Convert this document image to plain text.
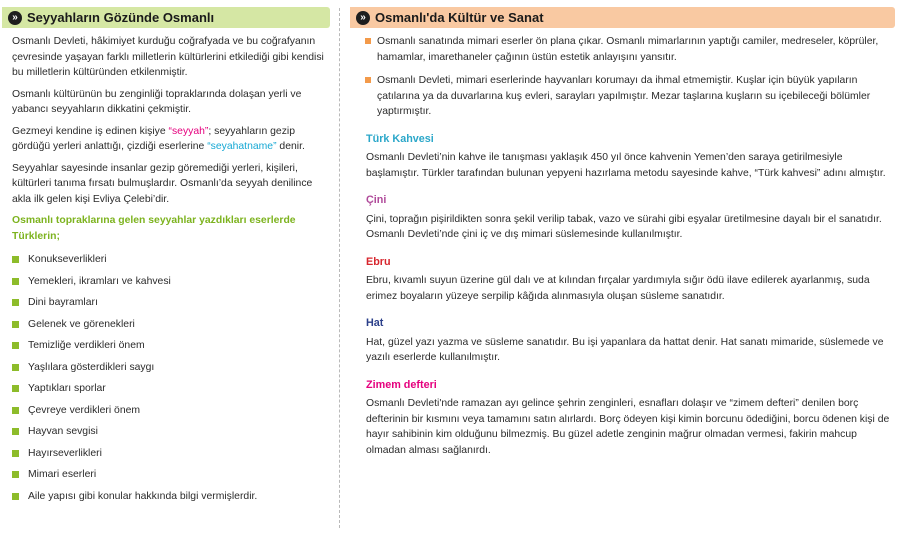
» Seyyahların Gözünde Osmanlı

Osmanlı Devleti, hâkimiyet kurduğu coğrafyada ve bu coğrafyanın çevresinde yaşayan farklı milletlerin kültürlerini etkilediği gibi kendisi bu milletlerin kültüründen etkilenmiştir.

Osmanlı kültürünün bu zenginliği topraklarında dolaşan yerli ve yabancı seyyahların dikkatini çekmiştir.

Gezmeyi kendine iş edinen kişiye “seyyah”; seyyahların gezip gördüğü yerleri anlattığı, çizdiği eserlerine “seyahatname” denir.

Seyyahlar sayesinde insanlar gezip göremediği yerleri, kişileri, kültürleri tanıma fırsatı bulmuşlardır. Osmanlı’da seyyah denilince akla ilk gelen kişi Evliya Çelebi’dir.

Osmanlı topraklarına gelen seyyahlar yazdıkları eserlerde Türklerin;
Konukseverlikleri
Yemekleri, ikramları ve kahvesi
Dini bayramları
Gelenek ve görenekleri
Temizliğe verdikleri önem
Yaşlılara gösterdikleri saygı
Yaptıkları sporlar
Çevreye verdikleri önem
Hayvan sevgisi
Hayırseverlikleri
Mimari eserleri
Aile yapısı gibi konular hakkında bilgi vermişlerdir.
» Osmanlı'da Kültür ve Sanat
Osmanlı sanatında mimari eserler ön plana çıkar. Osmanlı mimarlarının yaptığı camiler, medreseler, köprüler, hamamlar, imarethaneler çağının üstün estetik anlayışını yansıtır.
Osmanlı Devleti, mimari eserlerinde hayvanları korumayı da ihmal etmemiştir. Kuşlar için büyük yapıların çatılarına ya da duvarlarına kuş evleri, sarayları yapılmıştır. Mezar taşlarına kuşların su içebileceği bölümler yaptırmıştır.
Türk Kahvesi
Osmanlı Devleti’nin kahve ile tanışması yaklaşık 450 yıl önce kahvenin Yemen’den saraya getirilmesiyle başlamıştır. Türkler tarafından bulunan yepyeni hazırlama metodu sayesinde kahve, “Türk kahvesi” adını almıştır.
Çini
Çini, toprağın pişirildikten sonra şekil verilip tabak, vazo ve sürahi gibi eşyalar üretilmesine dayalı bir el sanatıdır. Osmanlı Devleti’nde çini iç ve dış mimari süslemesinde kullanılmıştır.
Ebru
Ebru, kıvamlı suyun üzerine gül dalı ve at kılından fırçalar yardımıyla sığır ödü ilave edilerek ayarlanmış, suda erimez boyaların yüzeye serpilip kâğıda alınmasıyla oluşan süsleme sanatıdır.
Hat
Hat, güzel yazı yazma ve süsleme sanatıdır. Bu işi yapanlara da hattat denir. Hat sanatı mimaride, süslemede ve yazılı eserlerde kullanılmıştır.
Zimem defteri
Osmanlı Devleti'nde ramazan ayı gelince şehrin zenginleri, esnafları dolaşır ve “zimem defteri” denilen borç defterinin bir kısmını veya tamamını satın alırlardı. Borç ödeyen kişi kimin borcunu ödediğini, borcu ödenen kişi de hayır sahibinin kim olduğunu bilmezmiş. Bu güzel adetle zenginin mağrur olmadan vermesi, fakirin mahcup olmadan alması sağlanırdı.
